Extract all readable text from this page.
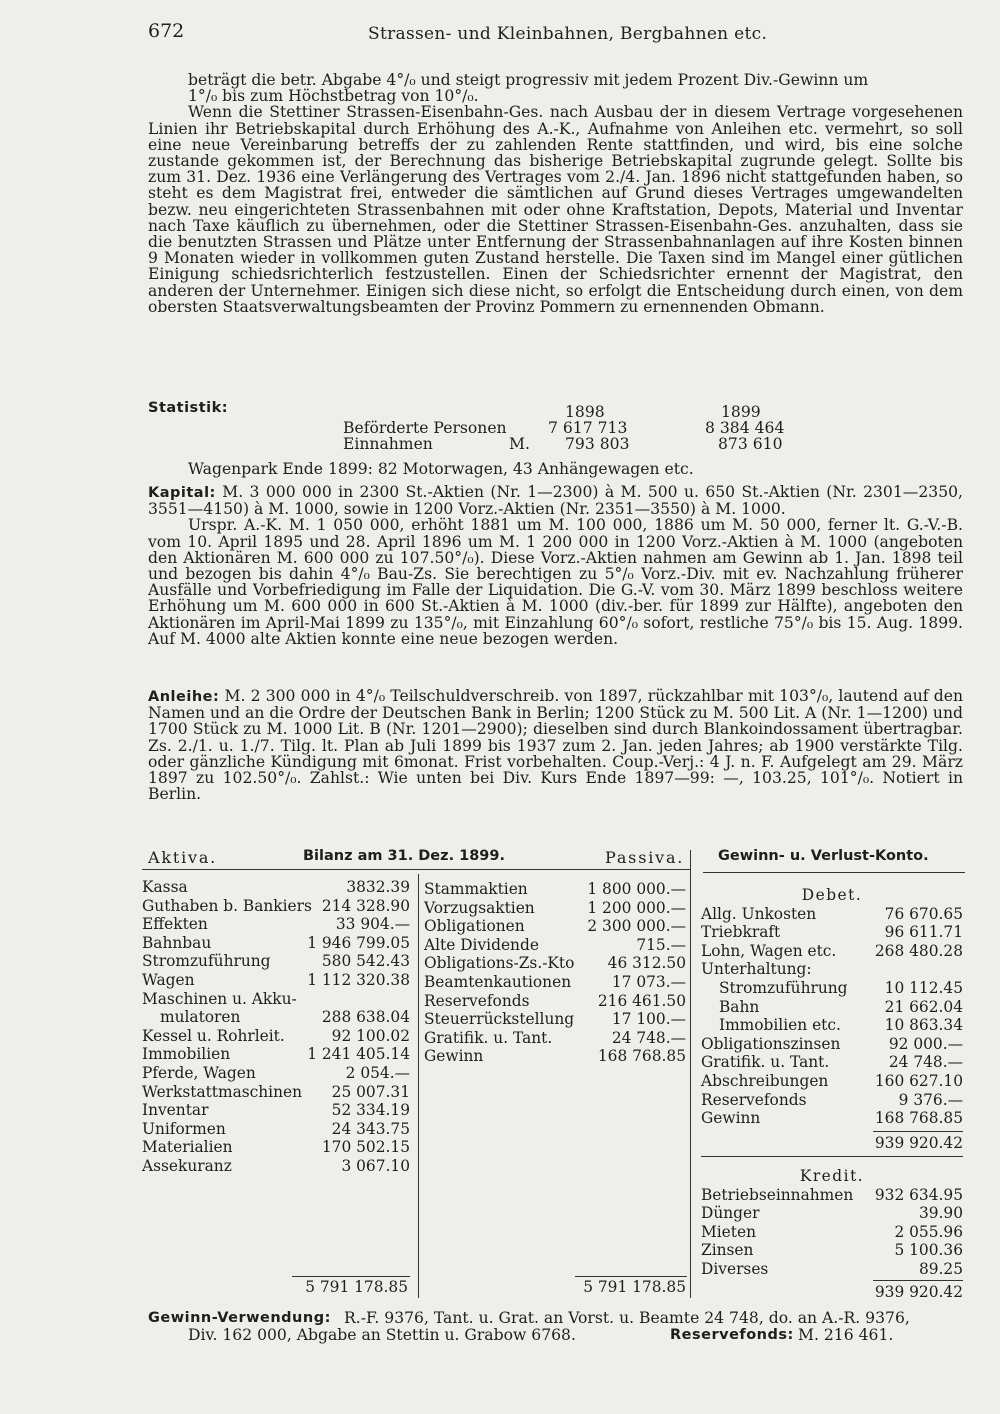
672	Strassen- und Kleinbahnen, Bergbahnen etc.

beträgt die betr. Abgabe 4°/₀ und steigt progressiv mit jedem Prozent Div.-Gewinn um

1°/₀ bis zum Höchstbetrag von 10°/₀.

Wenn die Stettiner Strassen-Eisenbahn-Ges. nach Ausbau der in diesem Vertrage vorgesehenen Linien ihr Betriebskapital durch Erhöhung des A.-K., Aufnahme von Anleihen etc. vermehrt, so soll eine neue Vereinbarung betreffs der zu zahlenden Rente stattfinden, und wird, bis eine solche zustande gekommen ist, der Berechnung das bisherige Betriebskapital zugrunde gelegt. Sollte bis zum 31. Dez. 1936 eine Verlängerung des Vertrages vom 2./4. Jan. 1896 nicht stattgefunden haben, so steht es dem Magistrat frei, entweder die sämtlichen auf Grund dieses Vertrages umgewandelten bezw. neu eingerichteten Strassenbahnen mit oder ohne Kraftstation, Depots, Material und Inventar nach Taxe käuflich zu übernehmen, oder die Stettiner Strassen-Eisenbahn-Ges. anzuhalten, dass sie die benutzten Strassen und Plätze unter Entfernung der Strassenbahnanlagen auf ihre Kosten binnen 9 Monaten wieder in vollkommen guten Zustand herstelle. Die Taxen sind im Mangel einer gütlichen Einigung schiedsrichterlich festzustellen. Einen der Schiedsrichter ernennt der Magistrat, den anderen der Unternehmer. Einigen sich diese nicht, so erfolgt die Entscheidung durch einen, von dem obersten Staatsverwaltungsbeamten der Provinz Pommern zu ernennenden Obmann.

Statistik:	1898	1899
Beförderte Personen	7 617 713	8 384 464
Einnahmen	M. 793 803	873 610
Wagenpark Ende 1899: 82 Motorwagen, 43 Anhängewagen etc.

Kapital: M. 3 000 000 in 2300 St.-Aktien (Nr. 1—2300) à M. 500 u. 650 St.-Aktien (Nr. 2301—2350, 3551—4150) à M. 1000, sowie in 1200 Vorz.-Aktien (Nr. 2351—3550) à M. 1000.

Urspr. A.-K. M. 1 050 000, erhöht 1881 um M. 100 000, 1886 um M. 50 000, ferner lt. G.-V.-B. vom 10. April 1895 und 28. April 1896 um M. 1 200 000 in 1200 Vorz.-Aktien à M. 1000 (angeboten den Aktionären M. 600 000 zu 107.50°/₀). Diese Vorz.-Aktien nahmen am Gewinn ab 1. Jan. 1898 teil und bezogen bis dahin 4°/₀ Bau-Zs. Sie berechtigen zu 5°/₀ Vorz.-Div. mit ev. Nachzahlung früherer Ausfälle und Vorbefriedigung im Falle der Liquidation. Die G.-V. vom 30. März 1899 beschloss weitere Erhöhung um M. 600 000 in 600 St.-Aktien à M. 1000 (div.-ber. für 1899 zur Hälfte), angeboten den Aktionären im April-Mai 1899 zu 135°/₀, mit Einzahlung 60°/₀ sofort, restliche 75°/₀ bis 15. Aug. 1899. Auf M. 4000 alte Aktien konnte eine neue bezogen werden.

Anleihe: M. 2 300 000 in 4°/₀ Teilschuldverschreib. von 1897, rückzahlbar mit 103°/₀, lautend auf den Namen und an die Ordre der Deutschen Bank in Berlin; 1200 Stück zu M. 500 Lit. A (Nr. 1—1200) und 1700 Stück zu M. 1000 Lit. B (Nr. 1201—2900); dieselben sind durch Blankoindossament übertragbar. Zs. 2./1. u. 1./7. Tilg. lt. Plan ab Juli 1899 bis 1937 zum 2. Jan. jeden Jahres; ab 1900 verstärkte Tilg. oder gänzliche Kündigung mit 6monat. Frist vorbehalten. Coup.-Verj.: 4 J. n. F. Aufgelegt am 29. März 1897 zu 102.50°/₀. Zahlst.: Wie unten bei Div. Kurs Ende 1897—99: —, 103.25, 101°/₀. Notiert in Berlin.

Aktiva.	Bilanz am 31. Dez. 1899.	Passiva. Gewinn- u. Verlust-Konto.
Kassa	3832.39
Guthaben b. Bankiers 214 328.90
Effekten	33 904.—
Bahnbau	1 946 799.05
Stromzuführung	580 542.43
Wagen	1 112 320.38
Maschinen u. Akku-
mulatoren	288 638.04
Kessel u. Rohrleit.	92 100.02
Immobilien	1 241 405.14
Pferde, Wagen	2 054.—
Werkstattmaschinen 25 007.31
Inventar	52 334.19
Uniformen	24 343.75
Materialien	170 502.15
Assekuranz	3 067.10
Stammaktien	1 800 000.—
Vorzugsaktien	1 200 000.—
Obligationen	2 300 000.—
Alte Dividende	715.—
Obligations-Zs.-Kto 46 312.50
Beamtenkautionen	17 073.—
Reservefonds	216 461.50
Steuerrückstellung 17 100.—
Gratifik. u. Tant.	24 748.—
Gewinn	168 768.85
5 791 178.85	5 791 178.85
Debet.
Allg. Unkosten	76 670.65
Triebkraft	96 611.71
Lohn, Wagen etc.	268 480.28
Unterhaltung:
Stromzuführung 10 112.45
Bahn	21 662.04
Immobilien etc.	10 863.34
Obligationszinsen	92 000.—
Gratifik. u. Tant.	24 748.—
Abschreibungen	160 627.10
Reservefonds	9 376.—
Gewinn	168 768.85
939 920.42
Kredit.
Betriebseinnahmen 932 634.95
Dünger	39.90
Mieten	2 055.96
Zinsen	5 100.36
Diverses	89.25
939 920.42
Gewinn-Verwendung: R.-F. 9376, Tant. u. Grat. an Vorst. u. Beamte 24 748, do. an A.-R. 9376,
Div. 162 000, Abgabe an Stettin u. Grabow 6768.	Reservefonds: M. 216 461.
